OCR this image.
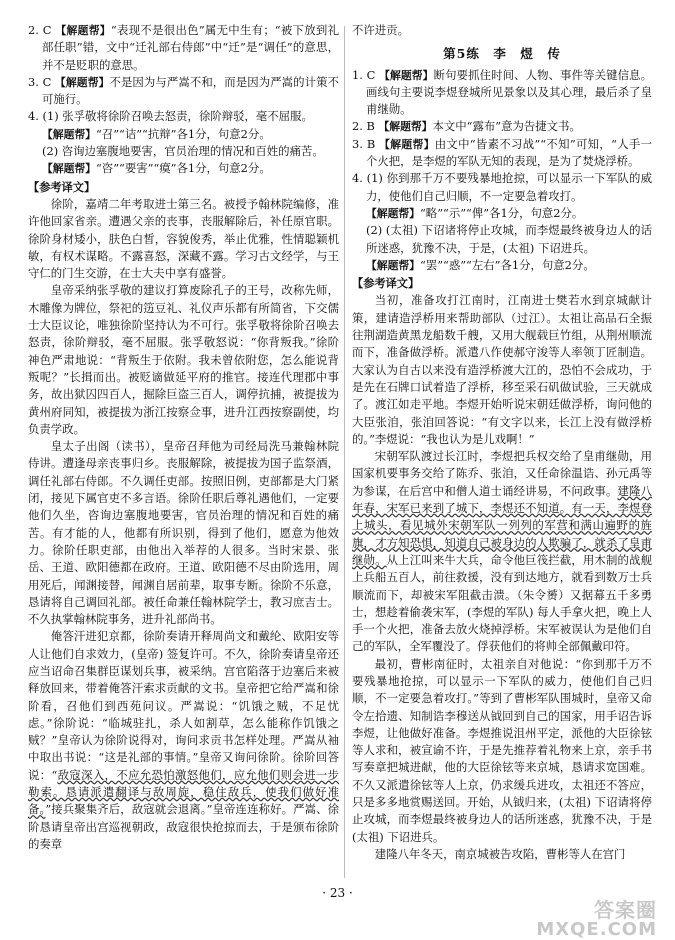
2. C 【解题帮】“表现不是很出色”属无中生有；“被下放到礼部任职”错，文中“迁礼部右侍郎”中“迁”是“调任”的意思，并不是贬职的意思。

3. C 【解题帮】不是因为与严嵩不和，而是因为严嵩的计策不可施行。

4. (1) 张孚敬将徐阶召唤去怒责，徐阶辩驳，毫不屈服。

【解题帮】“召”“诘”“抗辩”各1分，句意2分。

(2) 咨询边塞腹地要害，官员治理的情况和百姓的痛苦。

【解题帮】“咨”“要害”“瘼”各1分，句意2分。

【参考译文】

徐阶，嘉靖二年考取进士第三名。被授予翰林院编修，准许他回家省亲。遭遇父亲的丧事，丧服解除后，补任原官职。徐阶身材矮小，肤色白皙，容貌俊秀，举止优雅，性情聪颖机敏，有权术谋略。不露喜怒，深藏不露。学习古文经学，与王守仁的门生交游，在士大夫中享有盛誉。

皇帝采纳张孚敬的建议打算废除孔子的王号，改称先师，木雕像为牌位，祭祀的笾豆礼、礼仪声乐都有所简省，下交儒士大臣议论，唯独徐阶坚持认为不可行。张孚敬将徐阶召唤去怒责，徐阶辩驳，毫不屈服。张孚敬怒说：“你背叛我。”徐阶神色严肃地说：“背叛生于依附。我未曾依附您，怎么能说背叛呢？”长揖而出。被贬谪做延平府的推官。接连代理郡中事务，故出狱囚四百人，掘除巨盗三百人，调停抗捕，被提拔为黄州府同知，被提拔为浙江按察佥事，进升江西按察副使，均负责学政。

皇太子出阁（读书），皇帝召拜他为司经局洗马兼翰林院侍讲。遭逢母亲丧事归乡。丧服解除，被提拔为国子监祭酒，调任礼部右侍郎。不久调任吏部。按照旧例，吏部都是大门紧闭，接见下属官吏不多言语。徐阶任职后尊礼遇他们，一定要他们久坐，咨询边塞腹地要害，官员治理的情况和百姓的痛苦。有才能的人，他都有所识别，得到了他们，愿意为他效力。徐阶任职吏部，由他出入举荐的人很多。当时宋景、张岳、王道、欧阳德都在政府。王道、欧阳德不尽由阶选用，周用死后，闻渊接替，闻渊自居前辈，取事专断。徐阶不乐意，恳请将自己调回礼部。被任命兼任翰林院学士，教习庶吉士。不久执掌翰林院事务，进升礼部尚书。

俺答汗进犯京都，徐阶奏请开释周尚文和戴纶、欧阳安等人让他们自求效力，(皇帝) 签复许可。不久，徐阶奏请皇帝还应当诏命召集群臣谋划兵事，被采纳。宫官陷落于边塞后来被释放回来，带着俺答汗索求贡献的文书。皇帝把它给严嵩和徐阶看，召他们到西苑问议。严嵩说：“饥饿之贼，不足忧虑。”徐阶说：“临城驻扎，杀人如割草，怎么能称作饥饿之贼？”皇帝认为徐阶说得对，询问求贡书怎样处理。严嵩从袖中取出书说：“这是礼部的事情。”皇帝又询问徐阶。徐阶回答说：“敌寇深入，不应允恐怕激怒他们，应允他们则会进一步勒索。恳请派遣翻译与敌周旋，稳住敌兵，使我们做好准备。”接兵聚集齐后，敌寇就会退离。”皇帝连连称好。严嵩、徐阶恳请皇帝出宫巡视朝政，敌寇很快抢掠而去，于是颁布徐阶的奏章

不许进贡。

第5练　李　煜　传

1. C 【解题帮】断句要抓住时间、人物、事件等关键信息。画线句主要说李煜登城所见景象以及其心理，最后杀了皇甫继勋。

2. B 【解题帮】本文中“露布”意为告捷文书。

3. B 【解题帮】由文中“皆素不习战”“不知”可知，“人手一个火把，是李煜的军队无知的表现，是为了焚烧浮桥。

4. (1) 你到那千万不要残暴地抢掠，可以显示一下军队的威力，使他们自己归顺，不一定要急着攻打。

【解题帮】“略”“示”“俾”各1分，句意2分。

(2) (太祖) 下诏诸将停止攻城，而李煜最终被身边人的话所迷惑，犹豫不决，于是，(太祖) 下诏进兵。

【解题帮】“罢”“惑”“左右”各1分，句意2分。

【参考译文】

当初，准备攻打江南时，江南进士樊若水到京城献计策，建请造浮桥用来帮助部队（过江）。太祖让高品石全振往荆湖造黄黑龙船数千艘，又用大舰载巨竹组，从荆州顺流而下，准备做浮桥。派遣八作使郝守浚等人率领丁匠制造。大家认为自古以来没有造浮桥渡大江的，恐怕不会成功，于是先在石牌口试着造了浮桥，移至采石矶做试验，三天就成了。渡江如走平地。李煜开始听说宋朝廷做浮桥，询问他的大臣张洎，张洎回答说：“有文字以来，长江上没有做浮桥的。”李煜说：“我也认为是儿戏啊！”

宋朝军队渡过长江时，李煜把兵权交给了皇甫继勋，用国家机要事务交给了陈乔、张洎，又任命徐温诰、孙元禹等为参谋，在后宫中和僧人道士诵经讲易，不问政事。建隆八年春，宋军已来到了城下，李煜还不知道。有一天，李煜登上城头，看见城外宋朝军队一列列的军营和满山遍野的旌旗，才方知恐惧，知道自己被身边的人欺骗了，就杀了皇甫继勋。从上江叫来牛大兵，命令他巨筏拦截，用木制的战舰上兵船五百人，前往救援，没有到达地方，就看到数万士兵顺流而下，却被宋军阻截击溃。（朱令赟）又据幕五千多勇士，想趁着偷袭宋军，(李煜的军队) 每人手拿火把，晚上人手一个火把，准备去放火烧掉浮桥。宋军被误认为是他们自己的军队，全军覆没了。俘获他们的将帅全部佩戴印符。

最初，曹彬南征时，太祖亲自对他说：“你到那千万不要残暴地抢掠，可以显示一下军队的威力，使他们自己归顺，不一定要急着攻打。”等到了曹彬军队围城时，皇帝又命令左拾遗、知制诰李穆送从钺回到自己的国家，用手诏告诉李煜，让他做好准备。李煜推说沮州平定，派他的大臣徐铉等人求和，被宣谕不许，于是先推荐着礼物来上京，亲手书写奏章把城进献，他的大臣徐铉等来京城，恳请求宽国难。不久又派遣徐铉等人上京，仍求缓兵进攻，太祖还不答应，只是多多地赏赐送回。开始，从钺归来，(太祖) 下诏请将停止攻城，而李煜最终被身边人的话所迷惑，犹豫不决，于是(太祖) 下诏进兵。

建隆八年冬天，南京城被告攻陷，曹彬等人在宫门

· 23 ·
答案圈
MXQE.COM
